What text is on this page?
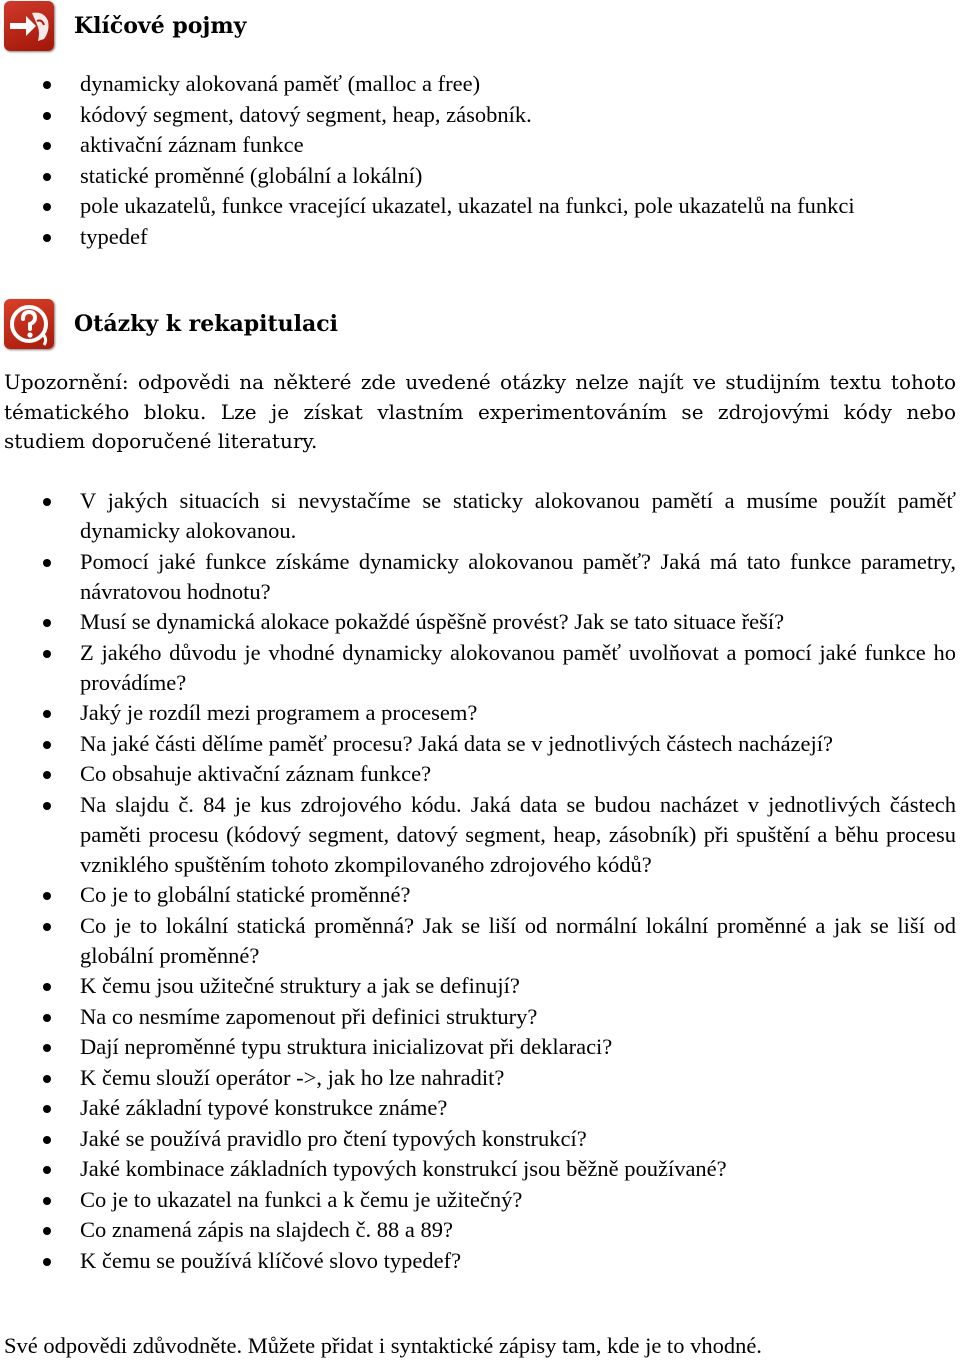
Klíčové pojmy
dynamicky alokovaná paměť (malloc a free)
kódový segment, datový segment, heap, zásobník.
aktivační záznam funkce
statické proměnné (globální a lokální)
pole ukazatelů, funkce vracející ukazatel, ukazatel na funkci, pole ukazatelů na funkci
typedef
Otázky k rekapitulaci
Upozornění: odpovědi na některé zde uvedené otázky nelze najít ve studijním textu tohoto tématického bloku. Lze je získat vlastním experimentováním se zdrojovými kódy nebo studiem doporučené literatury.
V jakých situacích si nevystačíme se staticky alokovanou pamětí a musíme použít paměť dynamicky alokovanou.
Pomocí jaké funkce získáme dynamicky alokovanou paměť? Jaká má tato funkce parametry, návratovou hodnotu?
Musí se dynamická alokace pokaždé úspěšně provést? Jak se tato situace řeší?
Z jakého důvodu je vhodné dynamicky alokovanou paměť uvolňovat a pomocí jaké funkce ho provádíme?
Jaký je rozdíl mezi programem a procesem?
Na jaké části dělíme paměť procesu? Jaká data se v jednotlivých částech nacházejí?
Co obsahuje aktivační záznam funkce?
Na slajdu č. 84 je kus zdrojového kódu. Jaká data se budou nacházet v jednotlivých částech paměti procesu (kódový segment, datový segment, heap, zásobník) při spuštění a běhu procesu vzniklého spuštěním tohoto zkompilovaného zdrojového kódů?
Co je to globální statické proměnné?
Co je to lokální statická proměnná? Jak se liší od normální lokální proměnné a jak se liší od globální proměnné?
K čemu jsou užitečné struktury a jak se definují?
Na co nesmíme zapomenout při definici struktury?
Dají neproměnné typu struktura inicializovat při deklaraci?
K čemu slouží operátor ->, jak ho lze nahradit?
Jaké základní typové konstrukce známe?
Jaké se používá pravidlo pro čtení typových konstrukcí?
Jaké kombinace základních typových konstrukcí jsou běžně používané?
Co je to ukazatel na funkci a k čemu je užitečný?
Co znamená zápis na slajdech č. 88 a 89?
K čemu se používá klíčové slovo typedef?
Své odpovědi zdůvodněte. Můžete přidat i syntaktické zápisy tam, kde je to vhodné.
